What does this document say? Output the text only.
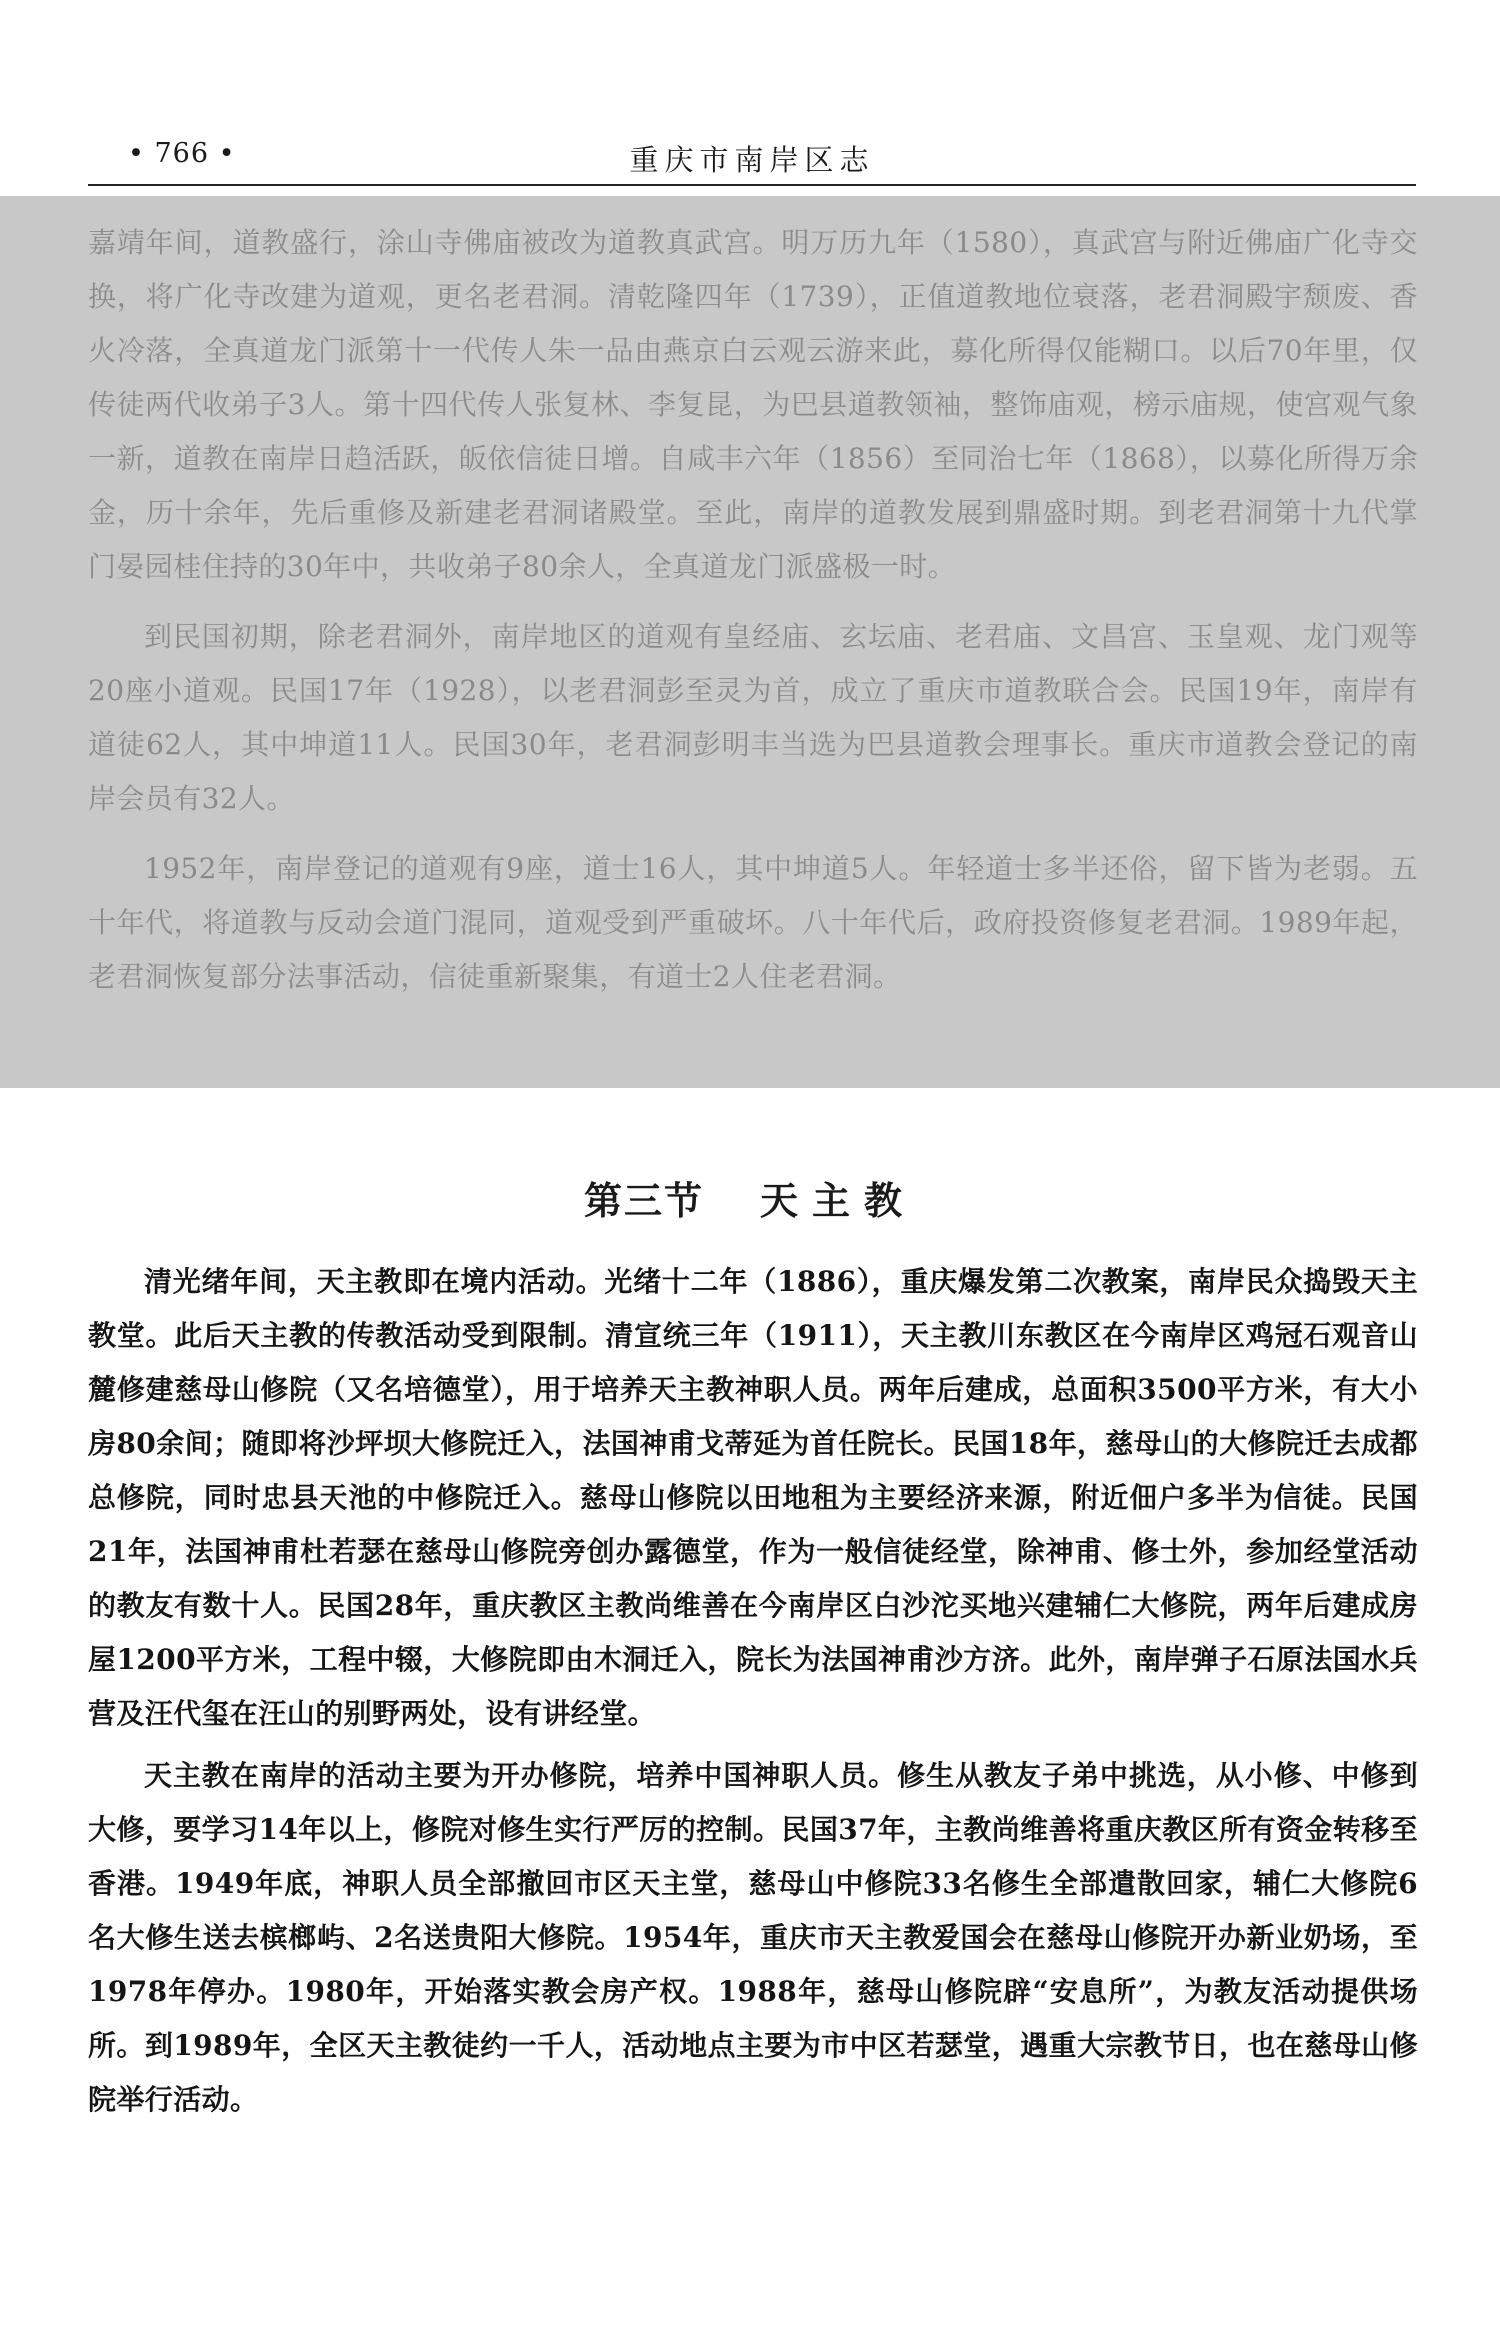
• 766 •	重庆市南岸区志

嘉靖年间，道教盛行，涂山寺佛庙被改为道教真武宫。明万历九年（1580），真武宫与附近佛庙广化寺交换，将广化寺改建为道观，更名老君洞。清乾隆四年（1739），正值道教地位衰落，老君洞殿宇颓废、香火冷落，全真道龙门派第十一代传人朱一品由燕京白云观云游来此，募化所得仅能糊口。以后70年里，仅传徒两代收弟子3人。第十四代传人张复林、李复昆，为巴县道教领袖，整饰庙观，榜示庙规，使宫观气象一新，道教在南岸日趋活跃，皈依信徒日增。自咸丰六年（1856）至同治七年（1868），以募化所得万余金，历十余年，先后重修及新建老君洞诸殿堂。至此，南岸的道教发展到鼎盛时期。到老君洞第十九代掌门晏园桂住持的30年中，共收弟子80余人，全真道龙门派盛极一时。

到民国初期，除老君洞外，南岸地区的道观有皇经庙、玄坛庙、老君庙、文昌宫、玉皇观、龙门观等20座小道观。民国17年（1928），以老君洞彭至灵为首，成立了重庆市道教联合会。民国19年，南岸有道徒62人，其中坤道11人。民国30年，老君洞彭明丰当选为巴县道教会理事长。重庆市道教会登记的南岸会员有32人。

1952年，南岸登记的道观有9座，道士16人，其中坤道5人。年轻道士多半还俗，留下皆为老弱。五十年代，将道教与反动会道门混同，道观受到严重破坏。八十年代后，政府投资修复老君洞。1989年起，老君洞恢复部分法事活动，信徒重新聚集，有道士2人住老君洞。

第三节 天主教

清光绪年间，天主教即在境内活动。光绪十二年（1886），重庆爆发第二次教案，南岸民众捣毁天主教堂。此后天主教的传教活动受到限制。清宣统三年（1911），天主教川东教区在今南岸区鸡冠石观音山麓修建慈母山修院（又名培德堂），用于培养天主教神职人员。两年后建成，总面积3500平方米，有大小房80余间；随即将沙坪坝大修院迁入，法国神甫戈蒂延为首任院长。民国18年，慈母山的大修院迁去成都总修院，同时忠县天池的中修院迁入。慈母山修院以田地租为主要经济来源，附近佃户多半为信徒。民国21年，法国神甫杜若瑟在慈母山修院旁创办露德堂，作为一般信徒经堂，除神甫、修士外，参加经堂活动的教友有数十人。民国28年，重庆教区主教尚维善在今南岸区白沙沱买地兴建辅仁大修院，两年后建成房屋1200平方米，工程中辍，大修院即由木洞迁入，院长为法国神甫沙方济。此外，南岸弹子石原法国水兵营及汪代玺在汪山的别野两处，设有讲经堂。

天主教在南岸的活动主要为开办修院，培养中国神职人员。修生从教友子弟中挑选，从小修、中修到大修，要学习14年以上，修院对修生实行严厉的控制。民国37年，主教尚维善将重庆教区所有资金转移至香港。1949年底，神职人员全部撤回市区天主堂，慈母山中修院33名修生全部遣散回家，辅仁大修院6名大修生送去槟榔屿、2名送贵阳大修院。1954年，重庆市天主教爱国会在慈母山修院开办新业奶场，至1978年停办。1980年，开始落实教会房产权。1988年，慈母山修院辟“安息所”，为教友活动提供场所。到1989年，全区天主教徒约一千人，活动地点主要为市中区若瑟堂，遇重大宗教节日，也在慈母山修院举行活动。
